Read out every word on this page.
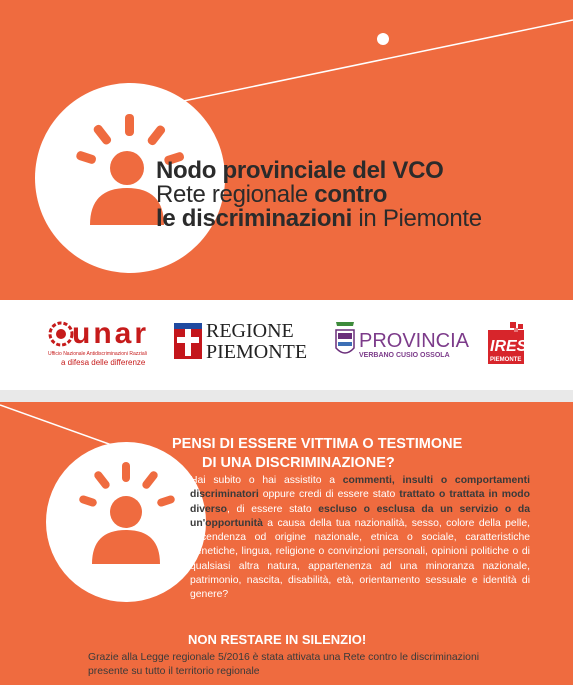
Nodo provinciale del VCO
Rete regionale contro
le discriminazioni in Piemonte
unar
Ufficio Nazionale Antidiscriminazioni Razziali
a difesa delle differenze
REGIONE
PIEMONTE	PROVINCIA
VERBANO CUSIO OSSOLA
IRES
PIEMONTE
PENSI DI ESSERE VITTIMA O TESTIMONE
DI UNA DISCRIMINAZIONE?
Hai subito o hai assistito a commenti, insulti o comportamenti discriminatori oppure credi di essere stato trattato o trattata in modo diverso, di essere stato escluso o esclusa da un servizio o da un'opportunità a causa della tua nazionalità, sesso, colore della pelle, ascendenza od origine nazionale, etnica o sociale, caratteristiche genetiche, lingua, religione o convinzioni personali, opinioni politiche o di qualsiasi altra natura, appartenenza ad una minoranza nazionale, patrimonio, nascita, disabilità, età, orientamento sessuale e identità di genere?
NON RESTARE IN SILENZIO!
Grazie alla Legge regionale 5/2016 è stata attivata una Rete contro le discriminazioni presente su tutto il territorio regionale
